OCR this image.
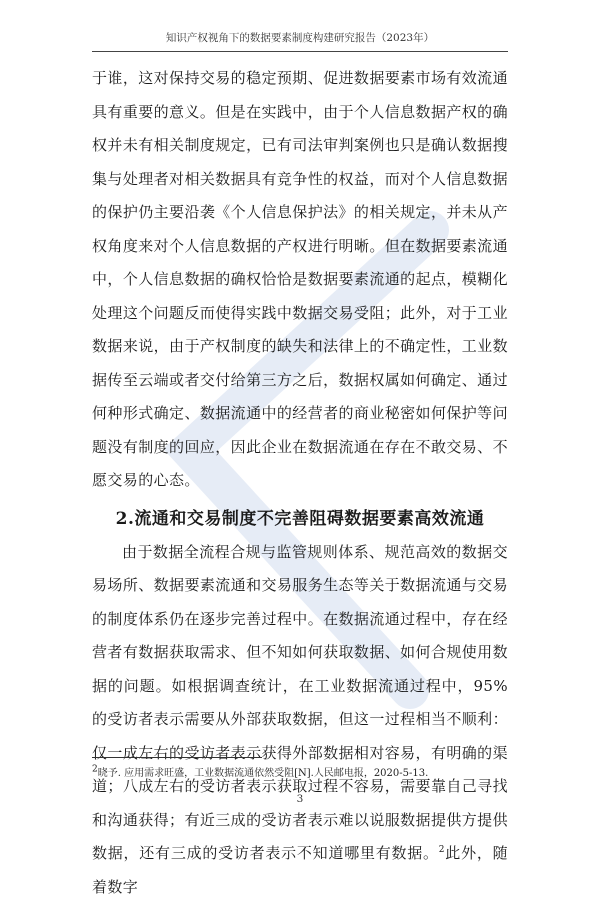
知识产权视角下的数据要素制度构建研究报告（2023年）

于谁，这对保持交易的稳定预期、促进数据要素市场有效流通具有重要的意义。但是在实践中，由于个人信息数据产权的确权并未有相关制度规定，已有司法审判案例也只是确认数据搜集与处理者对相关数据具有竞争性的权益，而对个人信息数据的保护仍主要沿袭《个人信息保护法》的相关规定，并未从产权角度来对个人信息数据的产权进行明晰。但在数据要素流通中，个人信息数据的确权恰恰是数据要素流通的起点，模糊化处理这个问题反而使得实践中数据交易受阻；此外，对于工业数据来说，由于产权制度的缺失和法律上的不确定性，工业数据传至云端或者交付给第三方之后，数据权属如何确定、通过何种形式确定、数据流通中的经营者的商业秘密如何保护等问题没有制度的回应，因此企业在数据流通在存在不敢交易、不愿交易的心态。

2.流通和交易制度不完善阻碍数据要素高效流通

由于数据全流程合规与监管规则体系、规范高效的数据交易场所、数据要素流通和交易服务生态等关于数据流通与交易的制度体系仍在逐步完善过程中。在数据流通过程中，存在经营者有数据获取需求、但不知如何获取数据、如何合规使用数据的问题。如根据调查统计，在工业数据流通过程中，95%的受访者表示需要从外部获取数据，但这一过程相当不顺利：仅一成左右的受访者表示获得外部数据相对容易，有明确的渠道；八成左右的受访者表示获取过程不容易，需要靠自己寻找和沟通获得；有近三成的受访者表示难以说服数据提供方提供数据，还有三成的受访者表示不知道哪里有数据。$^2$此外，随着数字

$^2$晓予. 应用需求旺盛，工业数据流通依然受阻[N].人民邮电报，2020-5-13.
3
